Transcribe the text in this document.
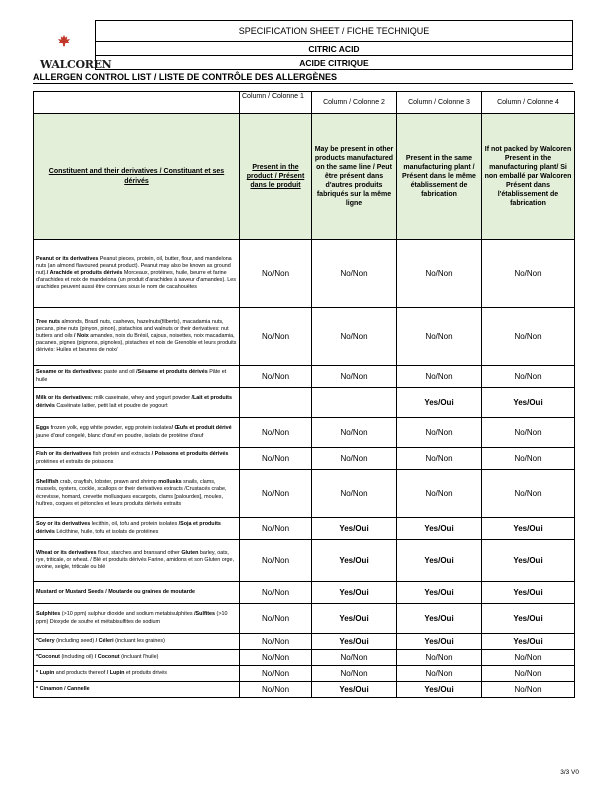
WALCOREN
	SPECIFICATION SHEET / FICHE TECHNIQUE
CITRIC ACID
ACIDE CITRIQUE
ALLERGEN CONTROL LIST / LISTE DE CONTRÔLE DES ALLERGÈNES
	Column / Colonne 1	Column / Colonne 2	Column / Colonne 3	Column / Colonne 4
Constituent and their derivatives / Constituant et ses dérivés	Present in the product / Présent dans le produit	May be present in other products manufactured on the same line / Peut être présent dans d'autres produits fabriqués sur la même ligne	Present in the same manufacturing plant / Présent dans le même établissement de fabrication	If not packed by Walcoren Present in the manufacturing plant/ Si non emballé par Walcoren Présent dans l'établissement de fabrication
Peanut or its derivatives Peanut pieces, protein, oil, butter, flour, and mandelona nuts (an almond flavoured peanut product). Peanut may also be known as ground nut)./ Arachide et produits dérivés Morceaux, protéines, huile, beurre et farine d'arachides et noix de mandelona (un produit d'arachides à saveur d'amandes). Les arachides peuvent aussi être connues sous le nom de cacahouètes	No/Non	No/Non	No/Non	No/Non
Tree nuts almonds, Brazil nuts, cashews, hazelnuts(filberts), macadamia nuts, pecans, pine nuts (pinyon, pinon), pistachios and walnuts or their derivatives: nut butters and oils / Noix amandes, noix du Brésil, cajous, noisettes, noix macadamia, pacanes, pignes (pignons, pignoles), pistaches et noix de Grenoble et leurs produits dérivés: Huiles et beurres de noix/	No/Non	No/Non	No/Non	No/Non
Sesame or its derivatives: paste and oil /Sésame et produits dérivés Pâte et huile	No/Non	No/Non	No/Non	No/Non
Milk or its derivatives: milk caseinate, whey and yogurt powder /Lait et produits dérivés Caséinate laitier, petit lait et poudre de yogourt			Yes/Oui	Yes/Oui
Eggs frozen yolk, egg white powder, egg protein isolates/ Œufs et produit dérivé jaune d'œuf congelé, blanc d'œuf en poudre, isolats de protéine d'œuf	No/Non	No/Non	No/Non	No/Non
Fish or its derivatives fish protein and extracts / Poissons et produits dérivés protéines et extraits de poissons	No/Non	No/Non	No/Non	No/Non
Shellfish crab, crayfish, lobster, prawn and shrimp mollusks snails, clams, mussels, oysters, cockle, scallops or their derivatives extracts /Crustacés crabe, écrevisse, homard, crevette mollusques escargots, clams [palourdes], moules, huîtres, coques et pétoncles et leurs produits dérivés extraits	No/Non	No/Non	No/Non	No/Non
Soy or its derivatives lecithin, oil, tofu and protein isolates /Soja et produits dérivés Lécithine, huile, tofu et isolats de protéines	No/Non	Yes/Oui	Yes/Oui	Yes/Oui
Wheat or its derivatives flour, starches and bransand other Gluten barley, oats, rye, triticale, or wheat. / Blé et produits dérivés Farine, amidons et son Gluten orge, avoine, seigle, triticale ou blé	No/Non	Yes/Oui	Yes/Oui	Yes/Oui
Mustard or Mustard Seeds / Moutarde ou graines de moutarde	No/Non	Yes/Oui	Yes/Oui	Yes/Oui
Sulphites (>10 ppm) sulphur dioxide and sodium metabisulphites /Sulfites (>10 ppm) Dioxyde de soufre et métabisulfites de sodium	No/Non	Yes/Oui	Yes/Oui	Yes/Oui
*Celery (including seed) / Céleri (incluant les graines)	No/Non	Yes/Oui	Yes/Oui	Yes/Oui
*Coconut (including oil) / Coconut (incluant l'huile)	No/Non	No/Non	No/Non	No/Non
* Lupin and products thereof / Lupin et produits drivés	No/Non	No/Non	No/Non	No/Non
* Cinamon / Cannelle	No/Non	Yes/Oui	Yes/Oui	No/Non
3/3 V0
